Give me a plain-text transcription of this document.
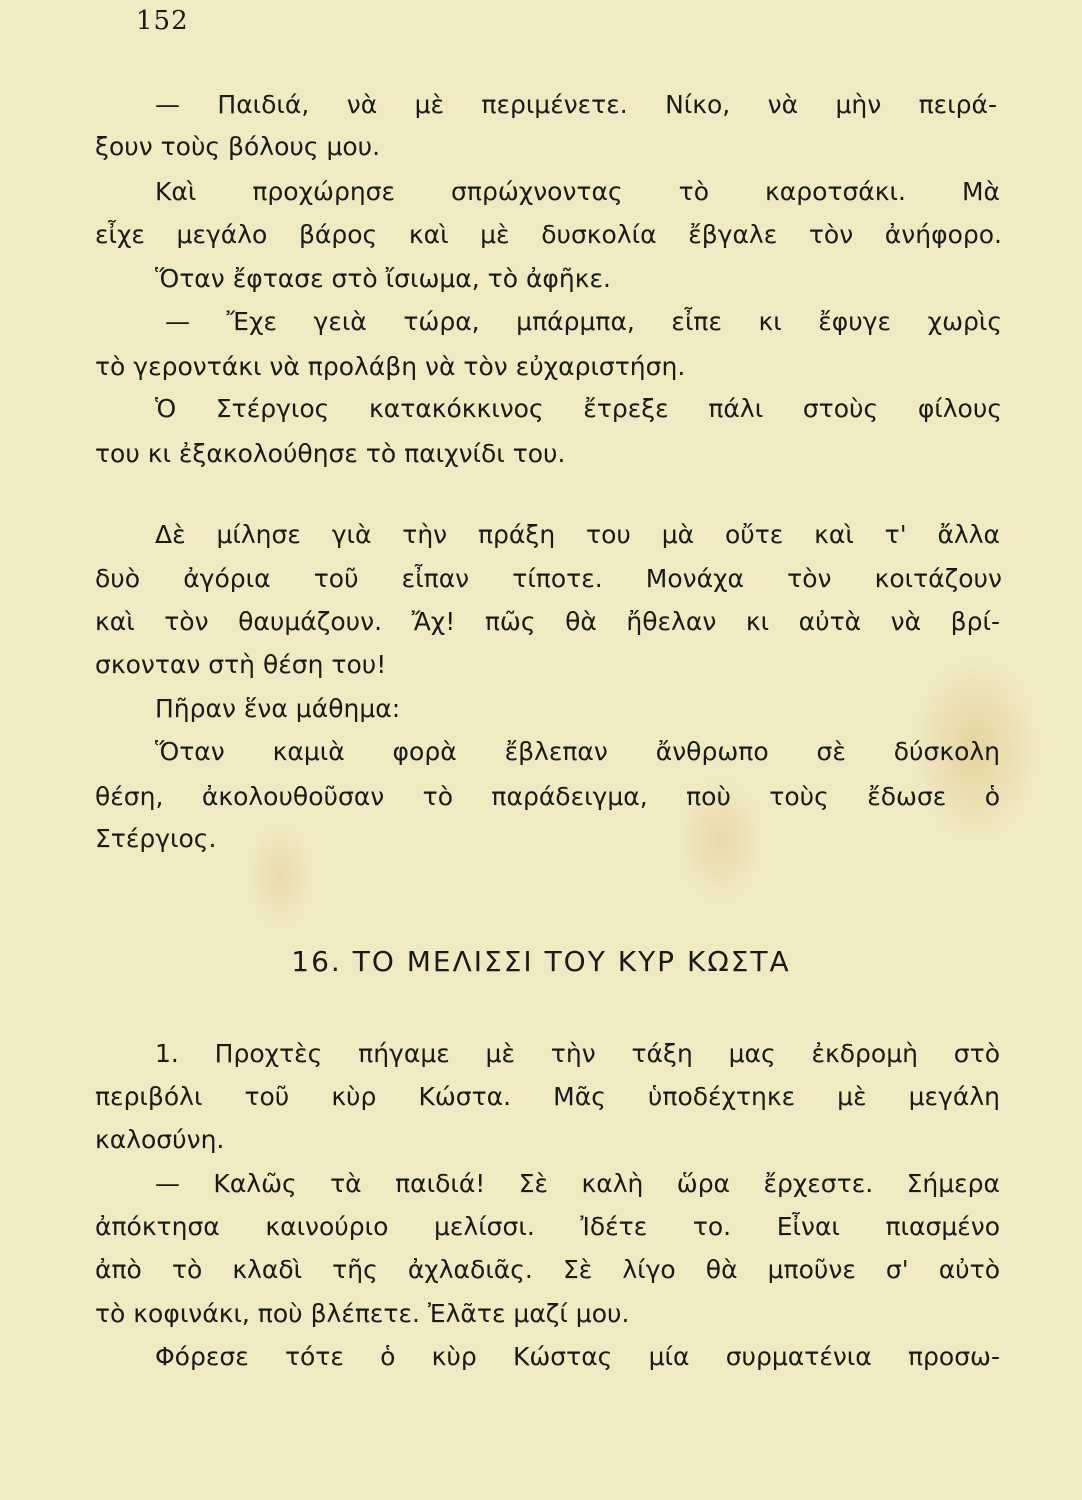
152
— Παιδιά, νὰ μὲ περιμένετε. Νίκο, νὰ μὴν πειρά-
ξουν τοὺς βόλους μου.
Καὶ προχώρησε σπρώχνοντας τὸ καροτσάκι. Μὰ
εἶχε μεγάλο βάρος καὶ μὲ δυσκολία ἔβγαλε τὸν ἀνήφορο.
Ὅταν ἔφτασε στὸ ἴσιωμα, τὸ ἀφῆκε.
— Ἔχε γειὰ τώρα, μπάρμπα, εἶπε κι ἔφυγε χωρὶς
τὸ γεροντάκι νὰ προλάβη νὰ τὸν εὐχαριστήση.
Ὁ Στέργιος κατακόκκινος ἔτρεξε πάλι στοὺς φίλους
του κι ἐξακολούθησε τὸ παιχνίδι του.
Δὲ μίλησε γιὰ τὴν πράξη του μὰ οὔτε καὶ τ' ἄλλα
δυὸ ἀγόρια τοῦ εἶπαν τίποτε. Μονάχα τὸν κοιτάζουν
καὶ τὸν θαυμάζουν. Ἄχ! πῶς θὰ ἤθελαν κι αὐτὰ νὰ βρί-
σκονταν στὴ θέση του!
Πῆραν ἕνα μάθημα:
Ὅταν καμιὰ φορὰ ἔβλεπαν ἄνθρωπο σὲ δύσκολη
θέση, ἀκολουθοῦσαν τὸ παράδειγμα, ποὺ τοὺς ἔδωσε ὁ
Στέργιος.
16. ΤΟ ΜΕΛΙΣΣΙ ΤΟΥ ΚΥΡ ΚΩΣΤΑ
1. Προχτὲς πήγαμε μὲ τὴν τάξη μας ἐκδρομὴ στὸ
περιβόλι τοῦ κὺρ Κώστα. Μᾶς ὑποδέχτηκε μὲ μεγάλη
καλοσύνη.
— Καλῶς τὰ παιδιά! Σὲ καλὴ ὥρα ἔρχεστε. Σήμερα
ἀπόκτησα καινούριο μελίσσι. Ἰδέτε το. Εἶναι πιασμένο
ἀπὸ τὸ κλαδὶ τῆς ἀχλαδιᾶς. Σὲ λίγο θὰ μποῦνε σ' αὐτὸ
τὸ κοφινάκι, ποὺ βλέπετε. Ἐλᾶτε μαζί μου.
Φόρεσε τότε ὁ κὺρ Κώστας μία συρματένια προσω-
